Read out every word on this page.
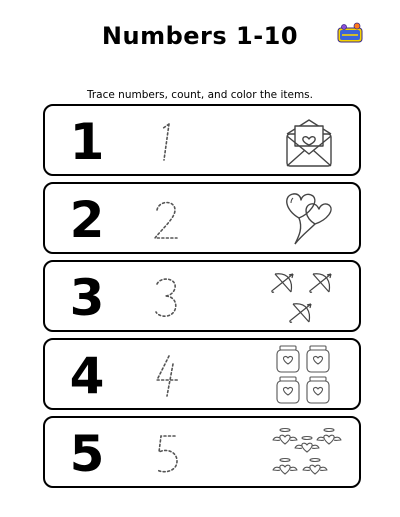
Numbers 1-10
Trace numbers, count, and color the items.
1
2
3
4
5
